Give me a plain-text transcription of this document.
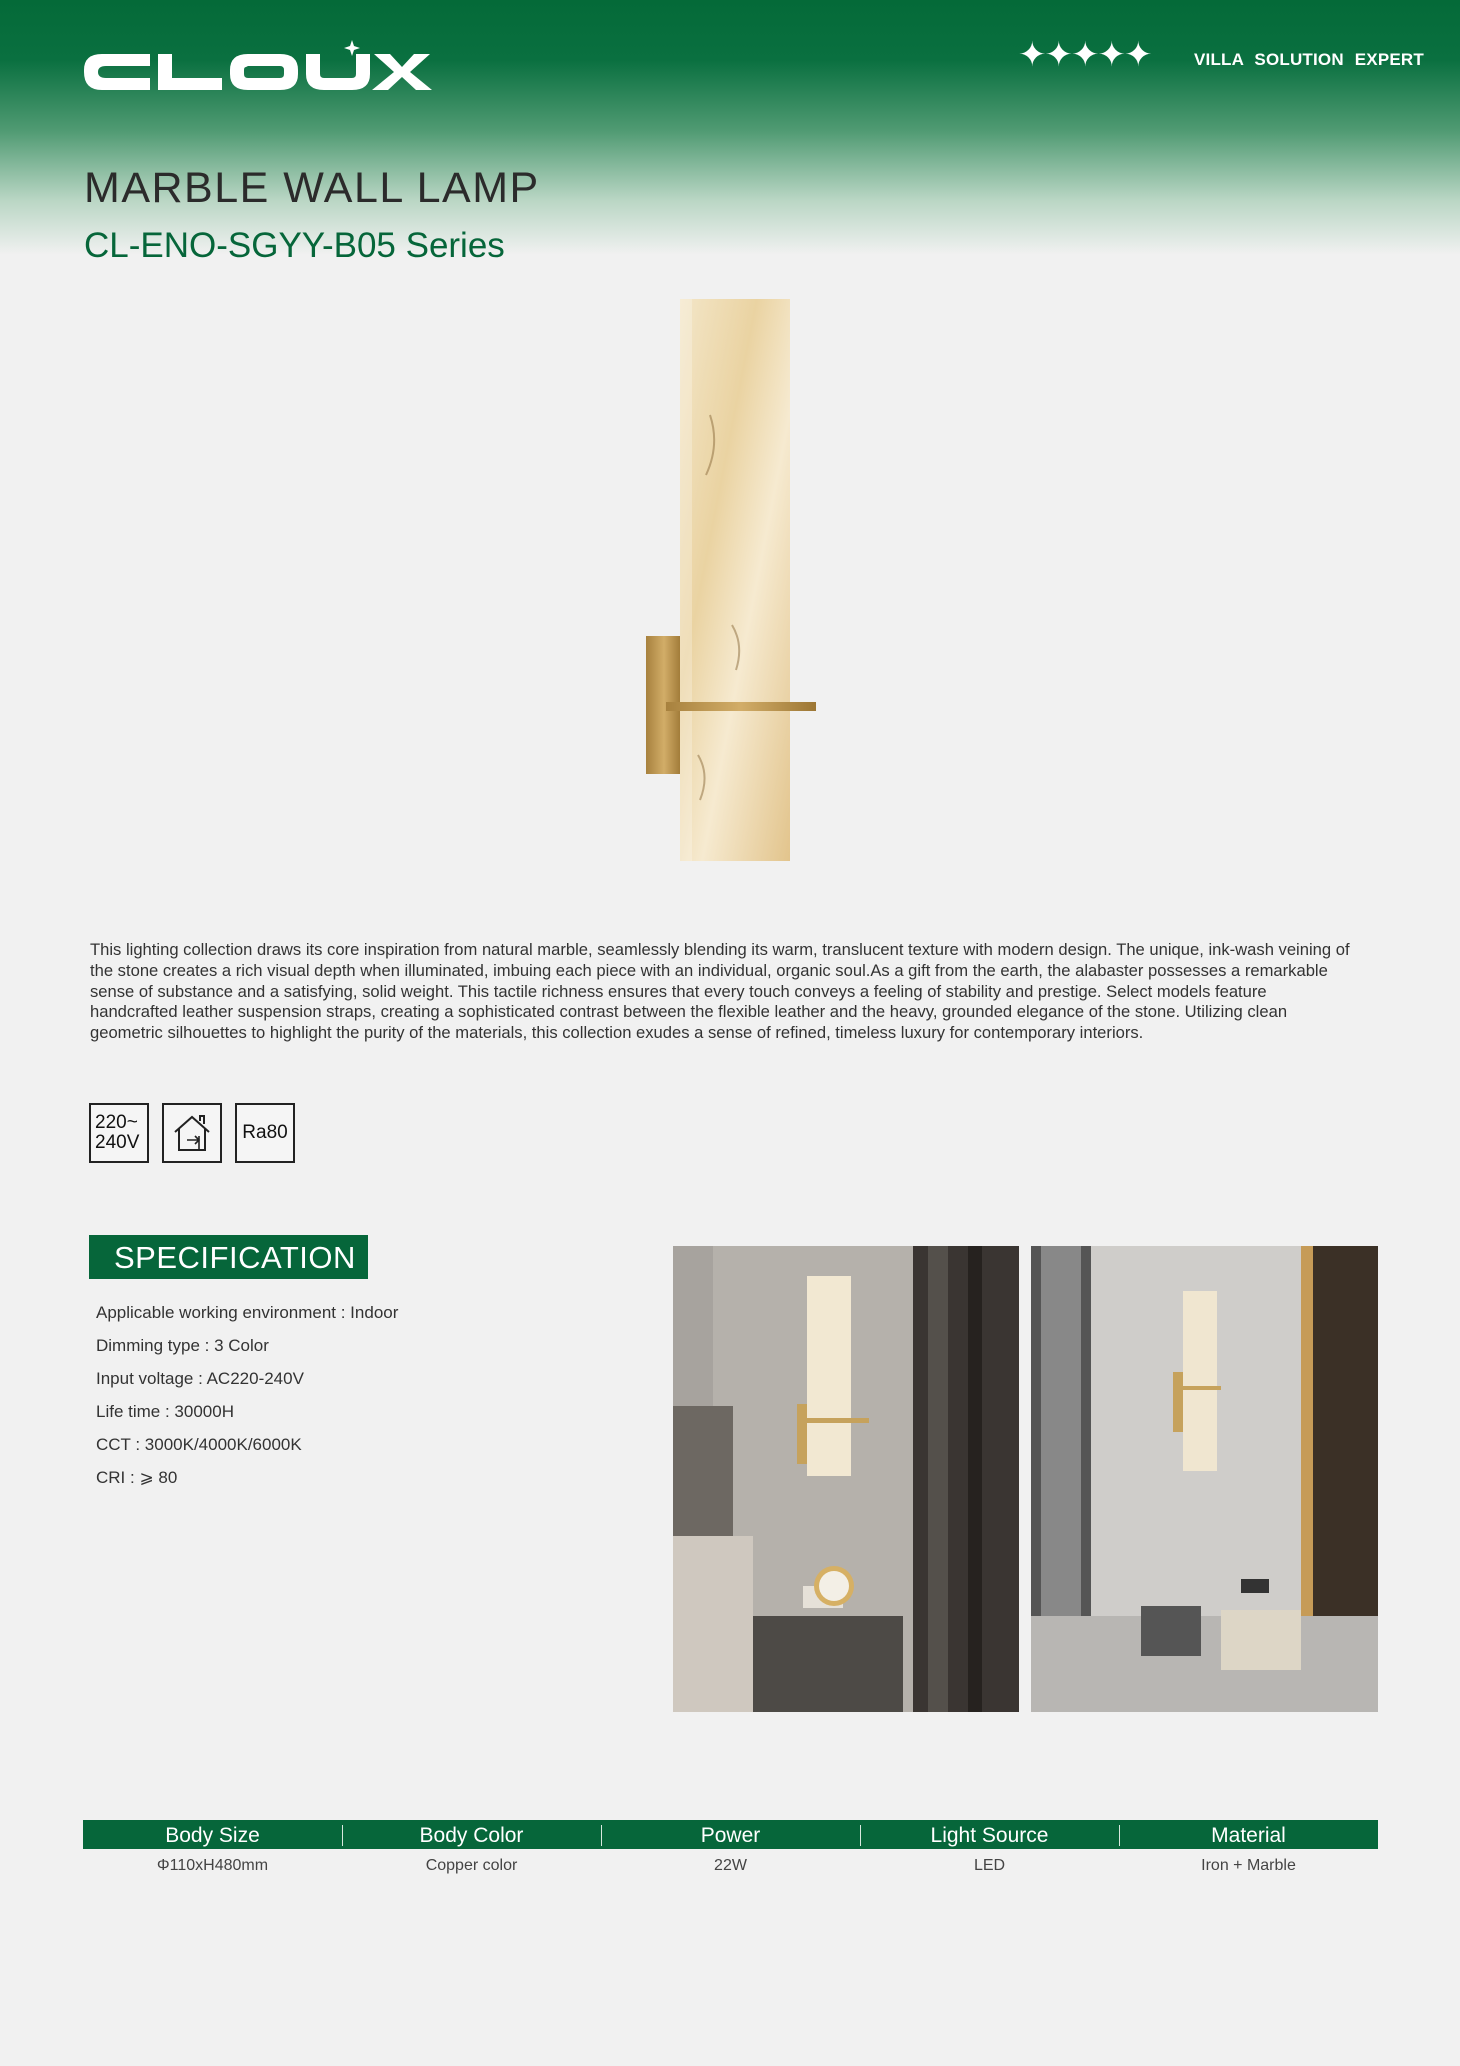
✦✦✦✦✦	VILLA SOLUTION EXPERT
MARBLE WALL LAMP
CL-ENO-SGYY-B05 Series

This lighting collection draws its core inspiration from natural marble, seamlessly blending its warm, translucent texture with modern design. The unique, ink-wash veining of the stone creates a rich visual depth when illuminated, imbuing each piece with an individual, organic soul.As a gift from the earth, the alabaster possesses a remarkable sense of substance and a satisfying, solid weight. This tactile richness ensures that every touch conveys a feeling of stability and prestige. Select models feature handcrafted leather suspension straps, creating a sophisticated contrast between the flexible leather and the heavy, grounded elegance of the stone. Utilizing clean geometric silhouettes to highlight the purity of the materials, this collection exudes a sense of refined, timeless luxury for contemporary interiors.

220~
240V	Ra80
SPECIFICATION
Applicable working environment : Indoor
Dimming type : 3 Color
Input voltage : AC220-240V
Life time : 30000H
CCT : 3000K/4000K/6000K
CRI : ⩾ 80
Body Size	Body Color	Power	Light Source	Material
Φ110xH480mm	Copper color	22W	LED	Iron + Marble
